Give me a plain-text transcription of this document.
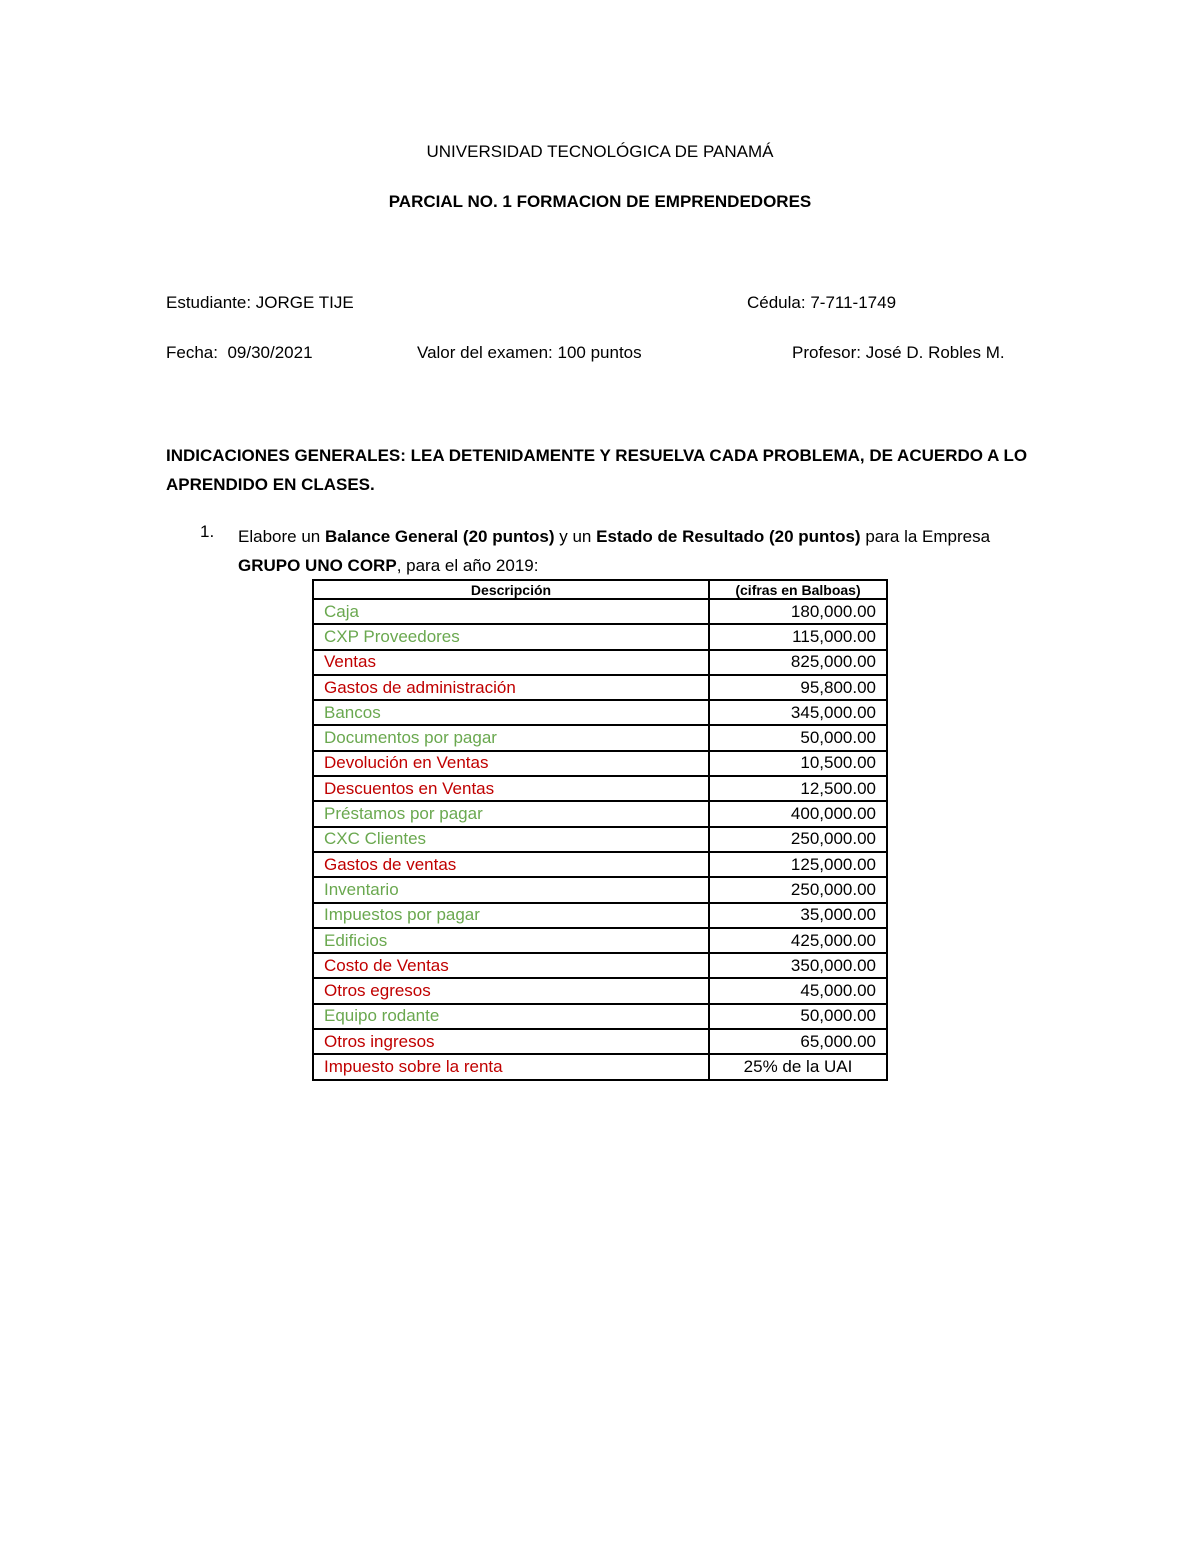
UNIVERSIDAD TECNOLÓGICA DE PANAMÁ
PARCIAL NO. 1 FORMACION DE EMPRENDEDORES
Estudiante: JORGE TIJE	Cédula: 7-711-1749
Fecha: 09/30/2021	Valor del examen: 100 puntos	Profesor: José D. Robles M.
INDICACIONES GENERALES: LEA DETENIDAMENTE Y RESUELVA CADA PROBLEMA, DE ACUERDO A LO APRENDIDO EN CLASES.
1. Elabore un Balance General (20 puntos) y un Estado de Resultado (20 puntos) para la Empresa GRUPO UNO CORP, para el año 2019:
Descripción	(cifras en Balboas)
Caja	180,000.00
CXP Proveedores	115,000.00
Ventas	825,000.00
Gastos de administración	95,800.00
Bancos	345,000.00
Documentos por pagar	50,000.00
Devolución en Ventas	10,500.00
Descuentos en Ventas	12,500.00
Préstamos por pagar	400,000.00
CXC Clientes	250,000.00
Gastos de ventas	125,000.00
Inventario	250,000.00
Impuestos por pagar	35,000.00
Edificios	425,000.00
Costo de Ventas	350,000.00
Otros egresos	45,000.00
Equipo rodante	50,000.00
Otros ingresos	65,000.00
Impuesto sobre la renta	25% de la UAI
